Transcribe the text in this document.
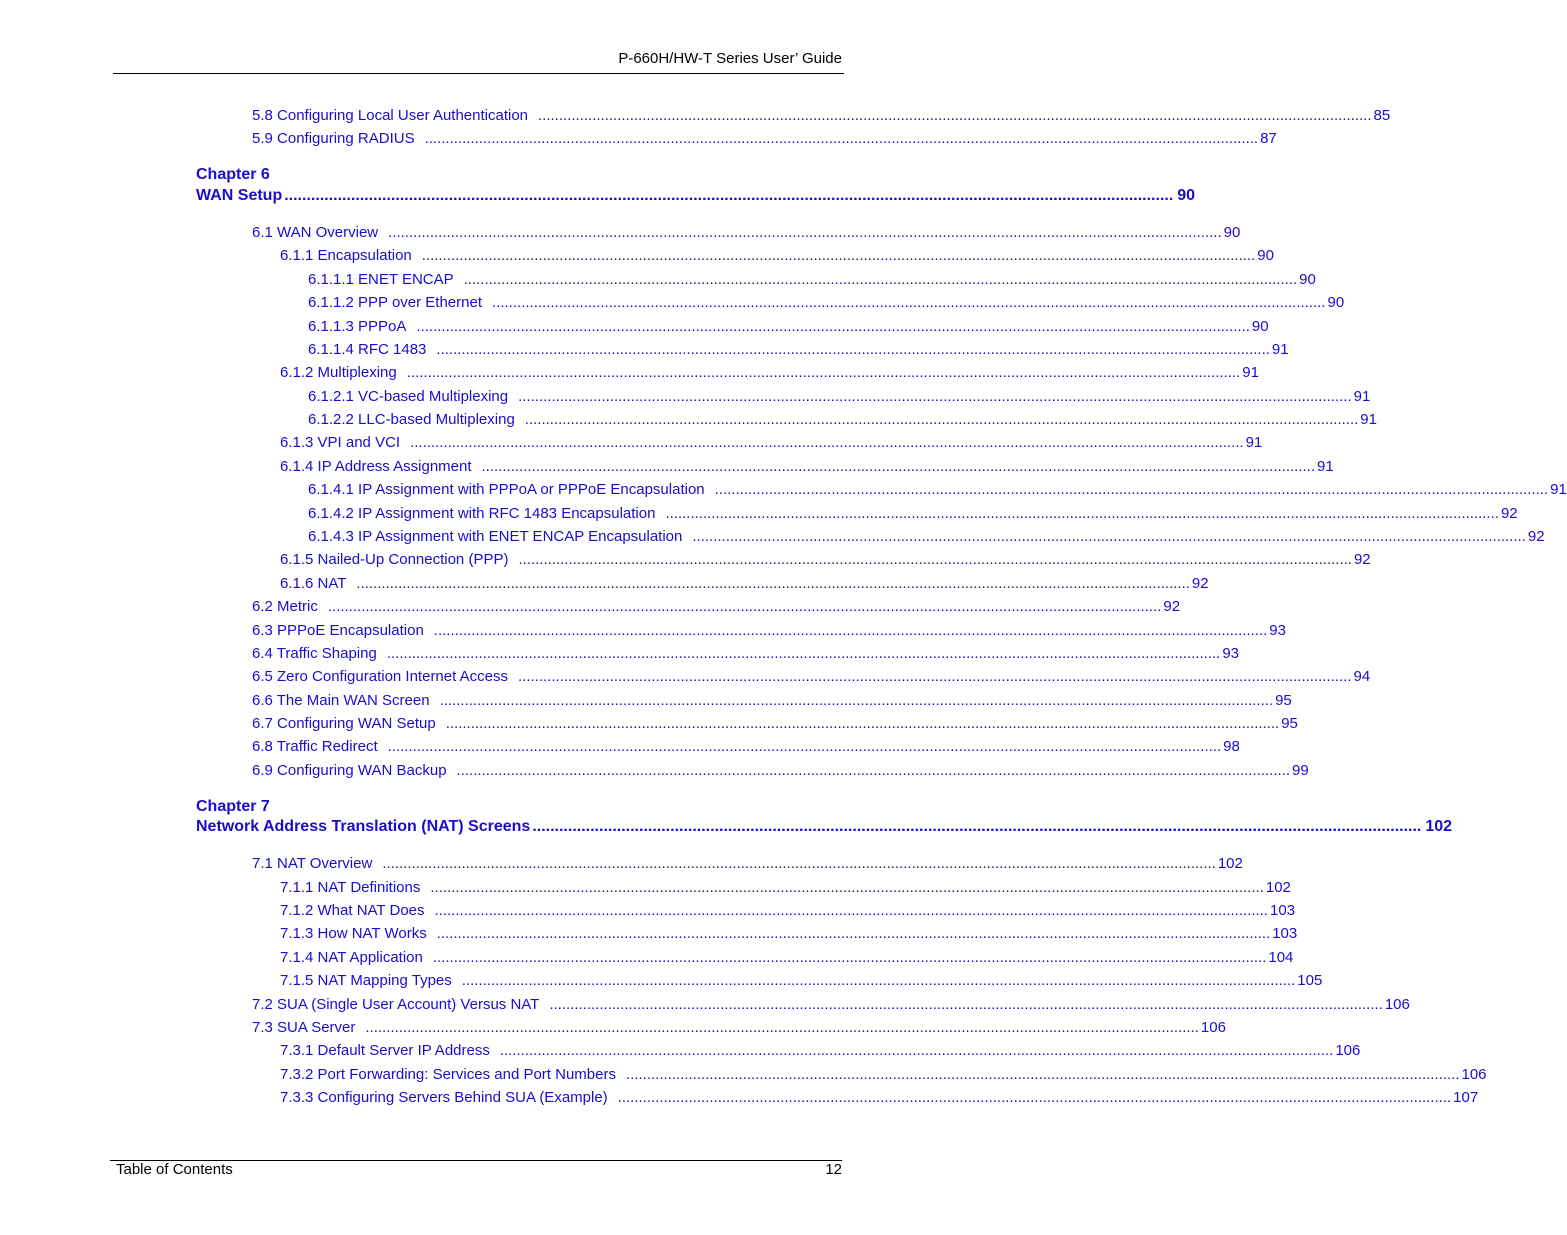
P-660H/HW-T Series User’ Guide
5.8 Configuring Local User Authentication ........................................................................................................................................................................................................ 85
5.9 Configuring RADIUS ........................................................................................................................................................................................................ 87
Chapter 6
WAN Setup ........................................................................................................................................................................................................ 90
6.1 WAN Overview ........................................................................................................................................................................................................ 90
6.1.1 Encapsulation ........................................................................................................................................................................................................ 90
6.1.1.1 ENET ENCAP ........................................................................................................................................................................................................ 90
6.1.1.2 PPP over Ethernet ........................................................................................................................................................................................................ 90
6.1.1.3 PPPoA ........................................................................................................................................................................................................ 90
6.1.1.4 RFC 1483 ........................................................................................................................................................................................................ 91
6.1.2 Multiplexing ........................................................................................................................................................................................................ 91
6.1.2.1 VC-based Multiplexing ........................................................................................................................................................................................................ 91
6.1.2.2 LLC-based Multiplexing ........................................................................................................................................................................................................ 91
6.1.3 VPI and VCI ........................................................................................................................................................................................................ 91
6.1.4 IP Address Assignment ........................................................................................................................................................................................................ 91
6.1.4.1 IP Assignment with PPPoA or PPPoE Encapsulation ........................................................................................................................................................................................................ 91
6.1.4.2 IP Assignment with RFC 1483 Encapsulation ........................................................................................................................................................................................................ 92
6.1.4.3 IP Assignment with ENET ENCAP Encapsulation ........................................................................................................................................................................................................ 92
6.1.5 Nailed-Up Connection (PPP) ........................................................................................................................................................................................................ 92
6.1.6 NAT ........................................................................................................................................................................................................ 92
6.2 Metric ........................................................................................................................................................................................................ 92
6.3 PPPoE Encapsulation ........................................................................................................................................................................................................ 93
6.4 Traffic Shaping ........................................................................................................................................................................................................ 93
6.5 Zero Configuration Internet Access ........................................................................................................................................................................................................ 94
6.6 The Main WAN Screen ........................................................................................................................................................................................................ 95
6.7 Configuring WAN Setup ........................................................................................................................................................................................................ 95
6.8 Traffic Redirect ........................................................................................................................................................................................................ 98
6.9 Configuring WAN Backup ........................................................................................................................................................................................................ 99
Chapter 7
Network Address Translation (NAT) Screens ........................................................................................................................................................................................................ 102
7.1 NAT Overview ........................................................................................................................................................................................................ 102
7.1.1 NAT Definitions ........................................................................................................................................................................................................ 102
7.1.2 What NAT Does ........................................................................................................................................................................................................ 103
7.1.3 How NAT Works ........................................................................................................................................................................................................ 103
7.1.4 NAT Application ........................................................................................................................................................................................................ 104
7.1.5 NAT Mapping Types ........................................................................................................................................................................................................ 105
7.2 SUA (Single User Account) Versus NAT ........................................................................................................................................................................................................ 106
7.3 SUA Server ........................................................................................................................................................................................................ 106
7.3.1 Default Server IP Address ........................................................................................................................................................................................................ 106
7.3.2 Port Forwarding: Services and Port Numbers ........................................................................................................................................................................................................ 106
7.3.3 Configuring Servers Behind SUA (Example) ........................................................................................................................................................................................................ 107
Table of Contents	12
